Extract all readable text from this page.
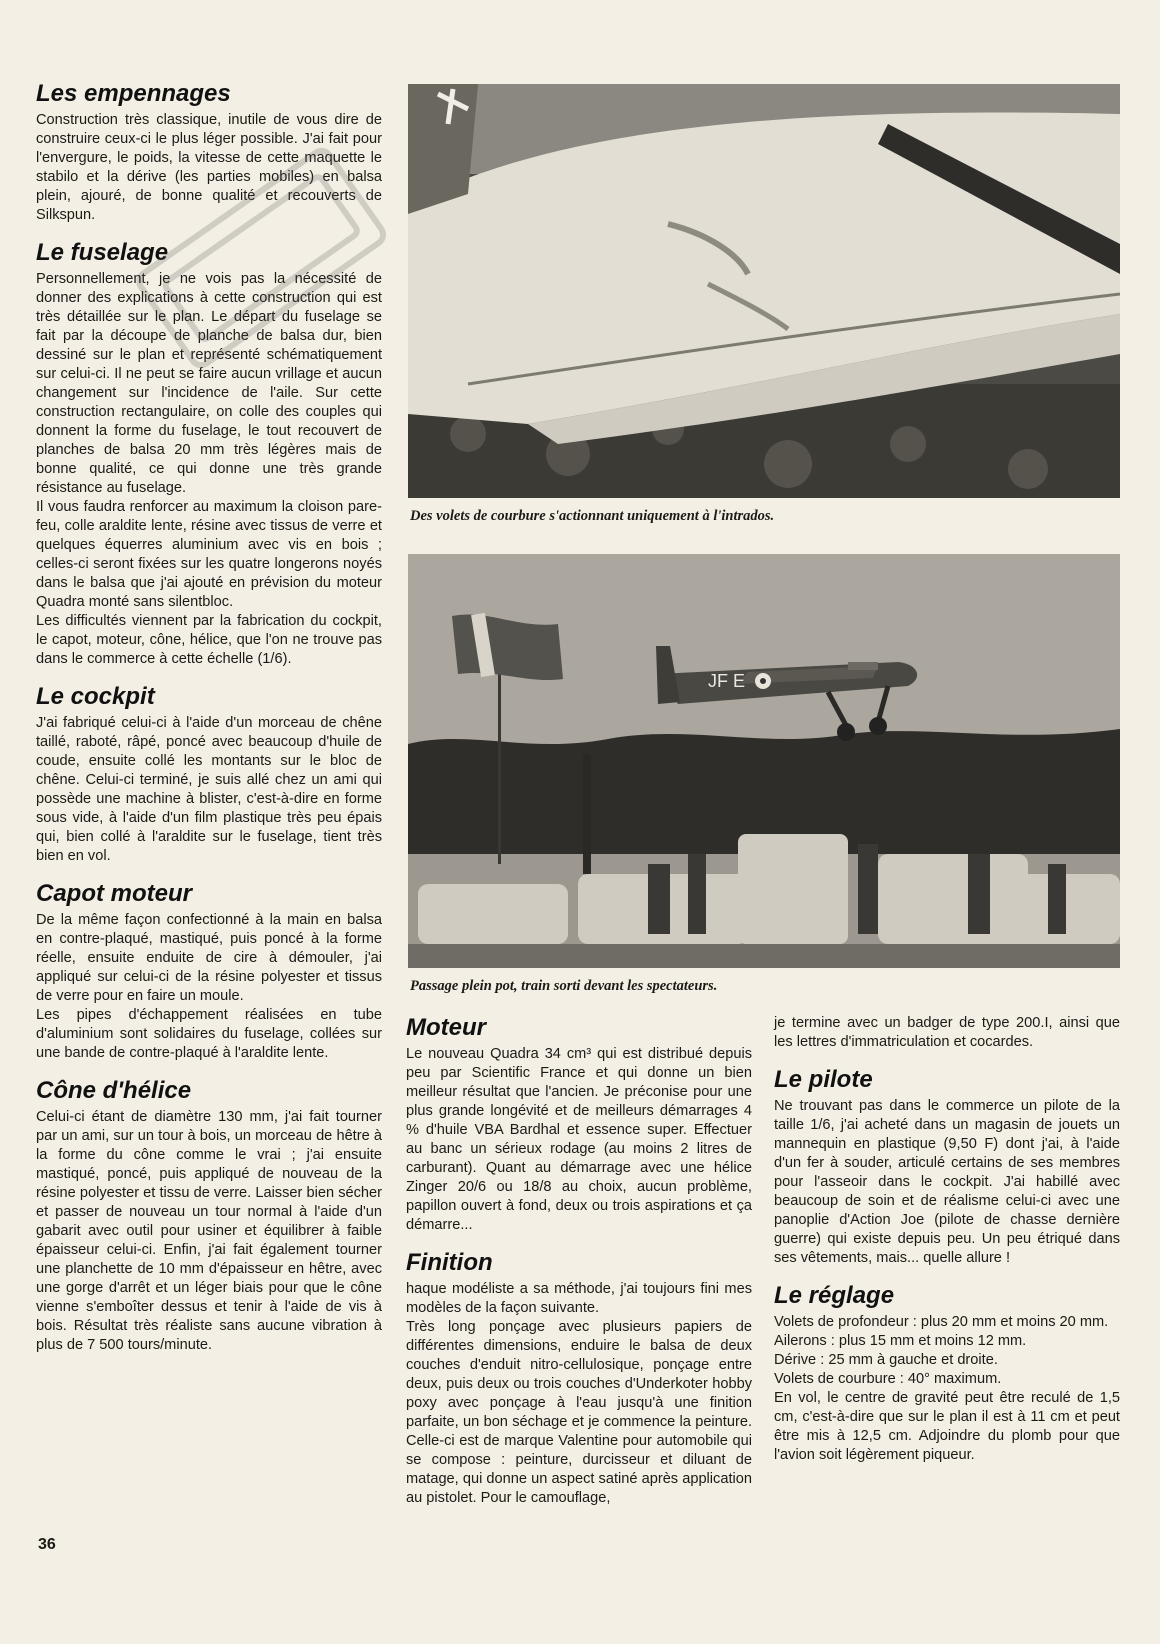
Les empennages

Construction très classique, inutile de vous dire de construire ceux-ci le plus léger possible. J'ai fait pour l'envergure, le poids, la vitesse de cette maquette le stabilo et la dérive (les parties mobiles) en balsa plein, ajouré, de bonne qualité et recouverts de Silkspun.

Le fuselage

Personnellement, je ne vois pas la nécessité de donner des explications à cette construction qui est très détaillée sur le plan. Le départ du fuselage se fait par la découpe de planche de balsa dur, bien dessiné sur le plan et représenté schématiquement sur celui-ci. Il ne peut se faire aucun vrillage et aucun changement sur l'incidence de l'aile. Sur cette construction rectangulaire, on colle des couples qui donnent la forme du fuselage, le tout recouvert de planches de balsa 20 mm très légères mais de bonne qualité, ce qui donne une très grande résistance au fuselage.

Il vous faudra renforcer au maximum la cloison pare-feu, colle araldite lente, résine avec tissus de verre et quelques équerres aluminium avec vis en bois ; celles-ci seront fixées sur les quatre longerons noyés dans le balsa que j'ai ajouté en prévision du moteur Quadra monté sans silentbloc.

Les difficultés viennent par la fabrication du cockpit, le capot, moteur, cône, hélice, que l'on ne trouve pas dans le commerce à cette échelle (1/6).

Le cockpit

J'ai fabriqué celui-ci à l'aide d'un morceau de chêne taillé, raboté, râpé, poncé avec beaucoup d'huile de coude, ensuite collé les montants sur le bloc de chêne. Celui-ci terminé, je suis allé chez un ami qui possède une machine à blister, c'est-à-dire en forme sous vide, à l'aide d'un film plastique très peu épais qui, bien collé à l'araldite sur le fuselage, tient très bien en vol.

Capot moteur

De la même façon confectionné à la main en balsa en contre-plaqué, mastiqué, puis poncé à la forme réelle, ensuite enduite de cire à démouler, j'ai appliqué sur celui-ci de la résine polyester et tissus de verre pour en faire un moule.

Les pipes d'échappement réalisées en tube d'aluminium sont solidaires du fuselage, collées sur une bande de contre-plaqué à l'araldite lente.

Cône d'hélice

Celui-ci étant de diamètre 130 mm, j'ai fait tourner par un ami, sur un tour à bois, un morceau de hêtre à la forme du cône comme le vrai ; j'ai ensuite mastiqué, poncé, puis appliqué de nouveau de la résine polyester et tissu de verre. Laisser bien sécher et passer de nouveau un tour normal à l'aide d'un gabarit avec outil pour usiner et équilibrer à faible épaisseur celui-ci. Enfin, j'ai fait également tourner une planchette de 10 mm d'épaisseur en hêtre, avec une gorge d'arrêt et un léger biais pour que le cône vienne s'emboîter dessus et tenir à l'aide de vis à bois. Résultat très réaliste sans aucune vibration à plus de 7 500 tours/minute.

Des volets de courbure s'actionnant uniquement à l'intrados.
JF E
Passage plein pot, train sorti devant les spectateurs.
Moteur

Le nouveau Quadra 34 cm³ qui est distribué depuis peu par Scientific France et qui donne un bien meilleur résultat que l'ancien. Je préconise pour une plus grande longévité et de meilleurs démarrages 4 % d'huile VBA Bardhal et essence super. Effectuer au banc un sérieux rodage (au moins 2 litres de carburant). Quant au démarrage avec une hélice Zinger 20/6 ou 18/8 au choix, aucun problème, papillon ouvert à fond, deux ou trois aspirations et ça démarre...

Finition

haque modéliste a sa méthode, j'ai toujours fini mes modèles de la façon suivante.

Très long ponçage avec plusieurs papiers de différentes dimensions, enduire le balsa de deux couches d'enduit nitro-cellulosique, ponçage entre deux, puis deux ou trois couches d'Underkoter hobby poxy avec ponçage à l'eau jusqu'à une finition parfaite, un bon séchage et je commence la peinture. Celle-ci est de marque Valentine pour automobile qui se compose : peinture, durcisseur et diluant de matage, qui donne un aspect satiné après application au pistolet. Pour le camouflage,

je termine avec un badger de type 200.I, ainsi que les lettres d'immatriculation et cocardes.

Le pilote

Ne trouvant pas dans le commerce un pilote de la taille 1/6, j'ai acheté dans un magasin de jouets un mannequin en plastique (9,50 F) dont j'ai, à l'aide d'un fer à souder, articulé certains de ses membres pour l'asseoir dans le cockpit. J'ai habillé avec beaucoup de soin et de réalisme celui-ci avec une panoplie d'Action Joe (pilote de chasse dernière guerre) qui existe depuis peu. Un peu étriqué dans ses vêtements, mais... quelle allure !

Le réglage

Volets de profondeur : plus 20 mm et moins 20 mm.

Ailerons : plus 15 mm et moins 12 mm.

Dérive : 25 mm à gauche et droite.

Volets de courbure : 40° maximum.

En vol, le centre de gravité peut être reculé de 1,5 cm, c'est-à-dire que sur le plan il est à 11 cm et peut être mis à 12,5 cm. Adjoindre du plomb pour que l'avion soit légèrement piqueur.

36
